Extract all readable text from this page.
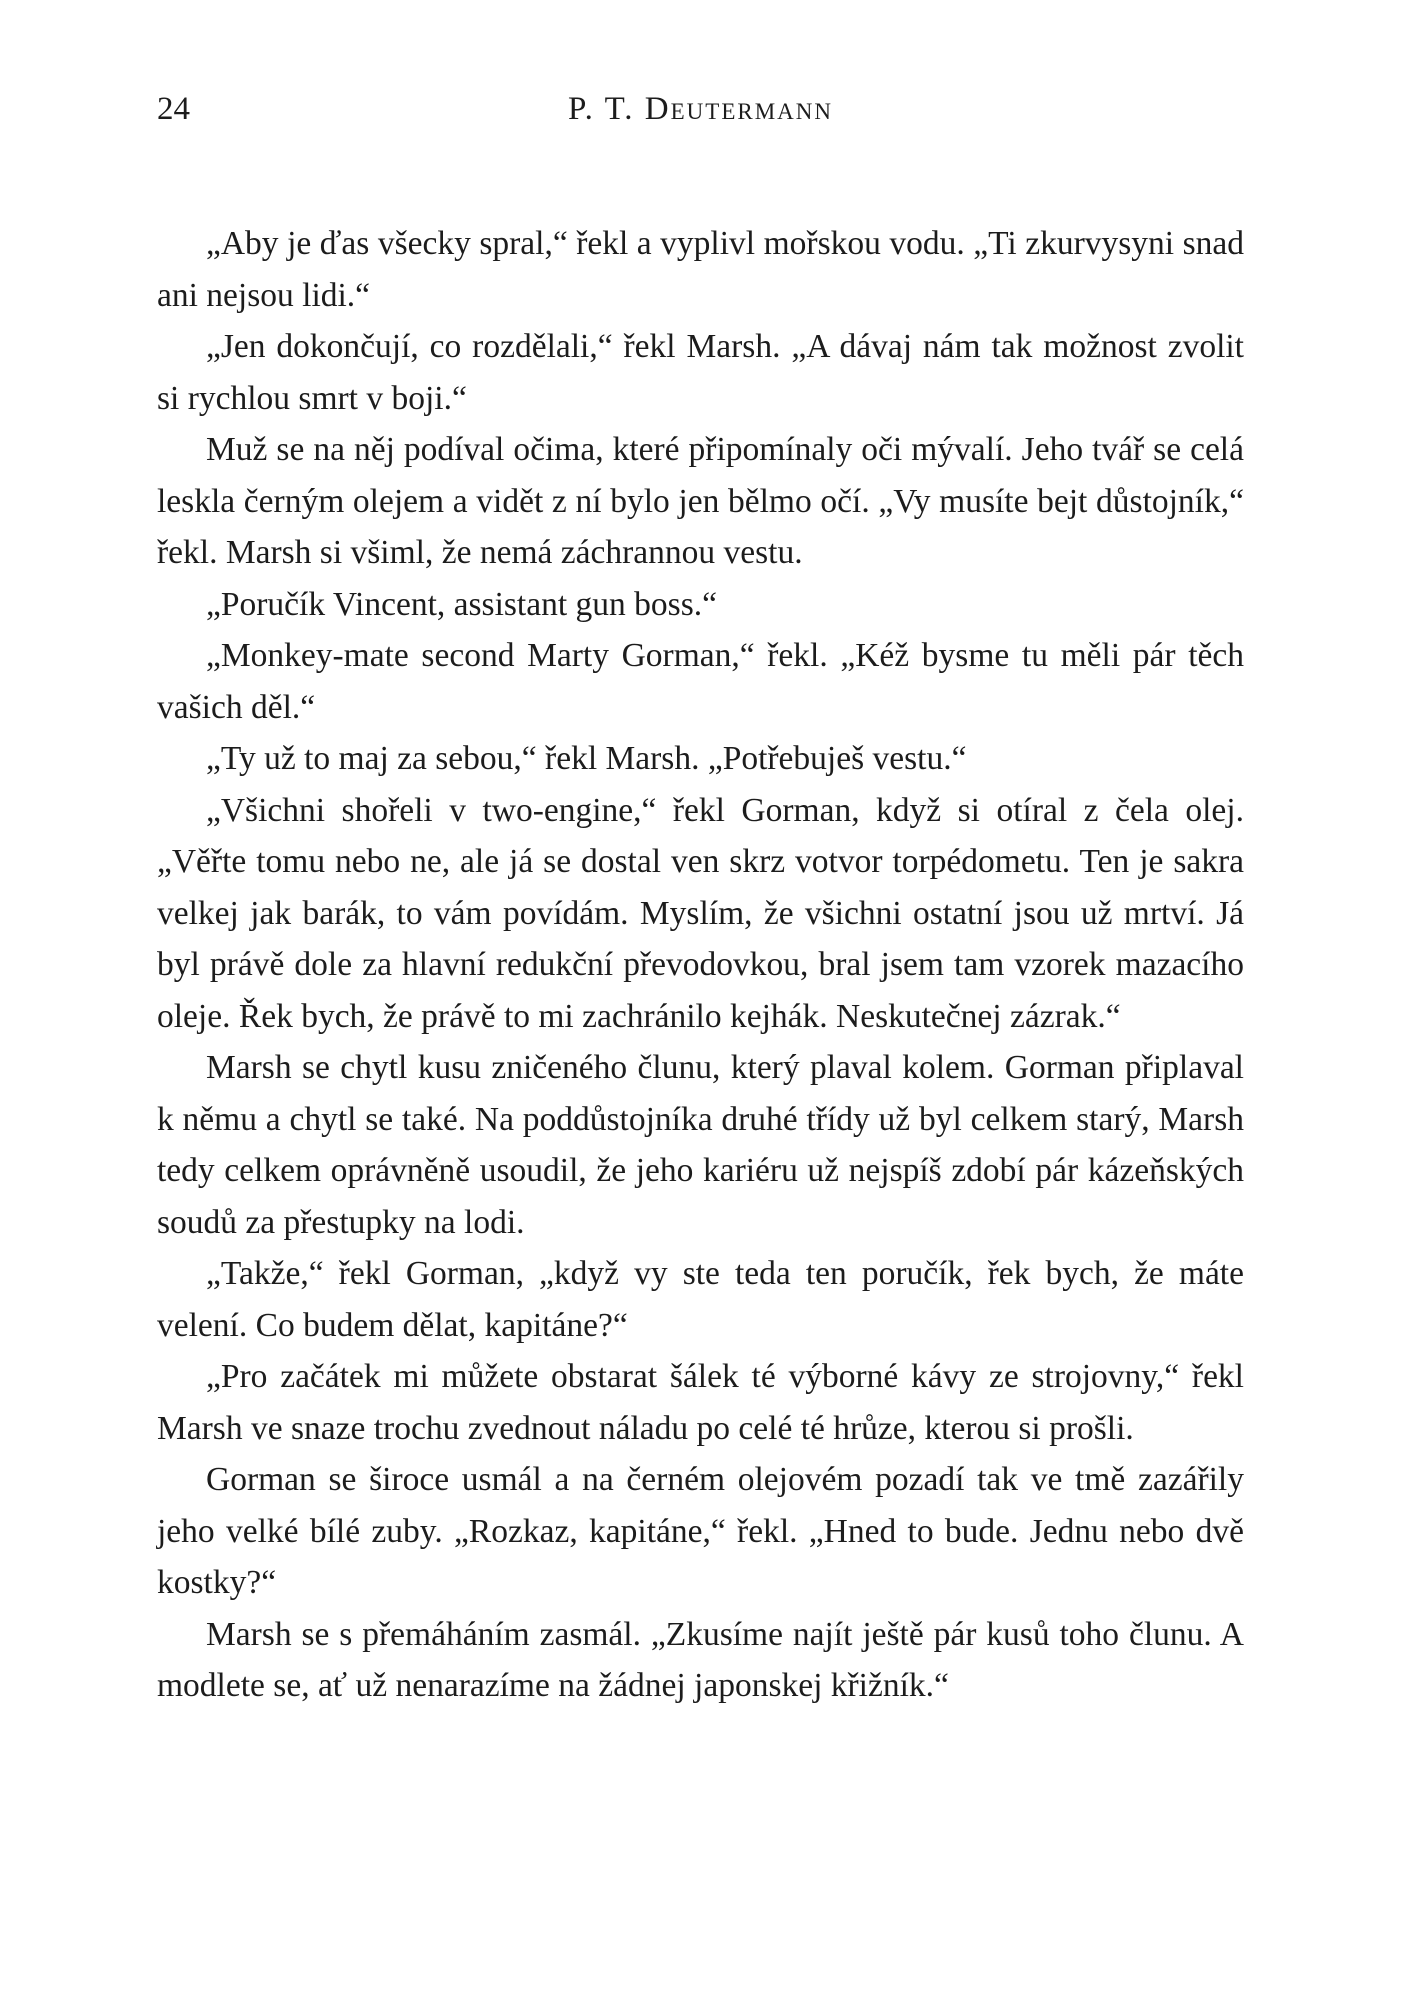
24	P. T. Deutermann

„Aby je ďas všecky spral,“ řekl a vyplivl mořskou vodu. „Ti zkurvysyni snad ani nejsou lidi.“

„Jen dokončují, co rozdělali,“ řekl Marsh. „A dávaj nám tak možnost zvolit si rychlou smrt v boji.“

Muž se na něj podíval očima, které připomínaly oči mývalí. Jeho tvář se celá leskla černým olejem a vidět z ní bylo jen bělmo očí. „Vy musíte bejt důstojník,“ řekl. Marsh si všiml, že nemá záchrannou vestu.

„Poručík Vincent, assistant gun boss.“

„Monkey-mate second Marty Gorman,“ řekl. „Kéž bysme tu měli pár těch vašich děl.“

„Ty už to maj za sebou,“ řekl Marsh. „Potřebuješ vestu.“

„Všichni shořeli v two-engine,“ řekl Gorman, když si otíral z čela olej. „Věřte tomu nebo ne, ale já se dostal ven skrz votvor torpédometu. Ten je sakra velkej jak barák, to vám povídám. Myslím, že všichni ostatní jsou už mrtví. Já byl právě dole za hlavní redukční převodovkou, bral jsem tam vzorek mazacího oleje. Řek bych, že právě to mi zachránilo kejhák. Neskutečnej zázrak.“

Marsh se chytl kusu zničeného člunu, který plaval kolem. Gorman připlaval k němu a chytl se také. Na poddůstojníka druhé třídy už byl celkem starý, Marsh tedy celkem oprávněně usoudil, že jeho kariéru už nejspíš zdobí pár kázeňských soudů za přestupky na lodi.

„Takže,“ řekl Gorman, „když vy ste teda ten poručík, řek bych, že máte velení. Co budem dělat, kapitáne?“

„Pro začátek mi můžete obstarat šálek té výborné kávy ze strojovny,“ řekl Marsh ve snaze trochu zvednout náladu po celé té hrůze, kterou si prošli.

Gorman se široce usmál a na černém olejovém pozadí tak ve tmě zazářily jeho velké bílé zuby. „Rozkaz, kapitáne,“ řekl. „Hned to bude. Jednu nebo dvě kostky?“

Marsh se s přemáháním zasmál. „Zkusíme najít ještě pár kusů toho člunu. A modlete se, ať už nenarazíme na žádnej japonskej křižník.“
